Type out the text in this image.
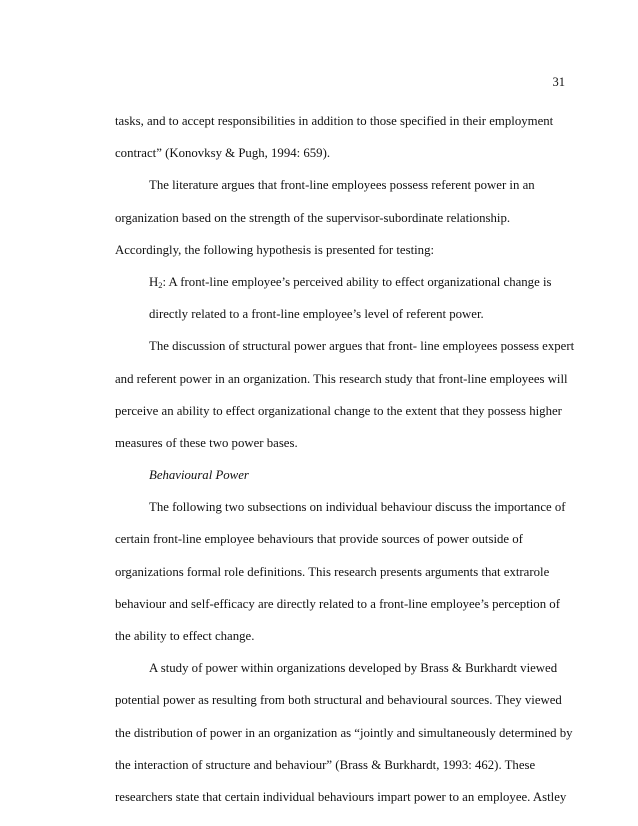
31
tasks, and to accept responsibilities in addition to those specified in their employment
contract” (Konovksy & Pugh, 1994: 659).
The literature argues that front-line employees possess referent power in an
organization based on the strength of the supervisor-subordinate relationship.
Accordingly, the following hypothesis is presented for testing:
$H_2$: A front-line employee’s perceived ability to effect organizational change is
directly related to a front-line employee’s level of referent power.
The discussion of structural power argues that front- line employees possess expert
and referent power in an organization. This research study that front-line employees will
perceive an ability to effect organizational change to the extent that they possess higher
measures of these two power bases.
Behavioural Power
The following two subsections on individual behaviour discuss the importance of
certain front-line employee behaviours that provide sources of power outside of
organizations formal role definitions. This research presents arguments that extrarole
behaviour and self-efficacy are directly related to a front-line employee’s perception of
the ability to effect change.
A study of power within organizations developed by Brass & Burkhardt viewed
potential power as resulting from both structural and behavioural sources. They viewed
the distribution of power in an organization as “jointly and simultaneously determined by
the interaction of structure and behaviour” (Brass & Burkhardt, 1993: 462). These
researchers state that certain individual behaviours impart power to an employee. Astley
